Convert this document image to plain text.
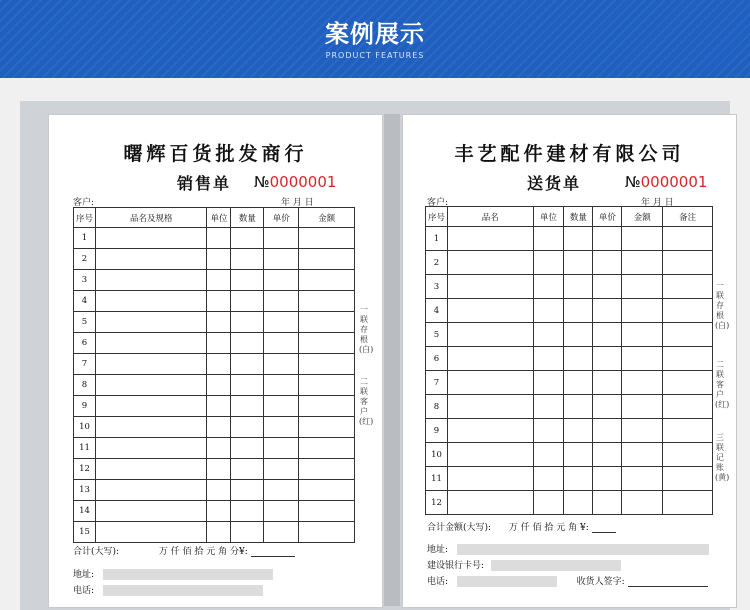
案例展示
PRODUCT FEATURES
曙辉百货批发商行
销售单 №0000001
客户:	年 月 日
序号	品名及规格	单位	数量	单价	金额
1					
2					
3					
4					
5					
6					
7					
8					
9					
10					
11					
12					
13					
14					
15					
合计(大写):	万 仟 佰 拾 元 角 分¥:
地址:
电话:
一联存根(白)
二联客户(红)
丰艺配件建材有限公司
送货单	№0000001
客户:	年 月 日
序号	品名	单位	数量	单价	金额	备注
1						
2						
3						
4						
5						
6						
7						
8						
9						
10						
11						
12						
合计金额(大写): 万 仟 佰 拾 元 角 ¥:
地址:
建设银行卡号:
电话:	收货人签字:
一联存根(白)
二联客户(红)
三联记账(黄)
